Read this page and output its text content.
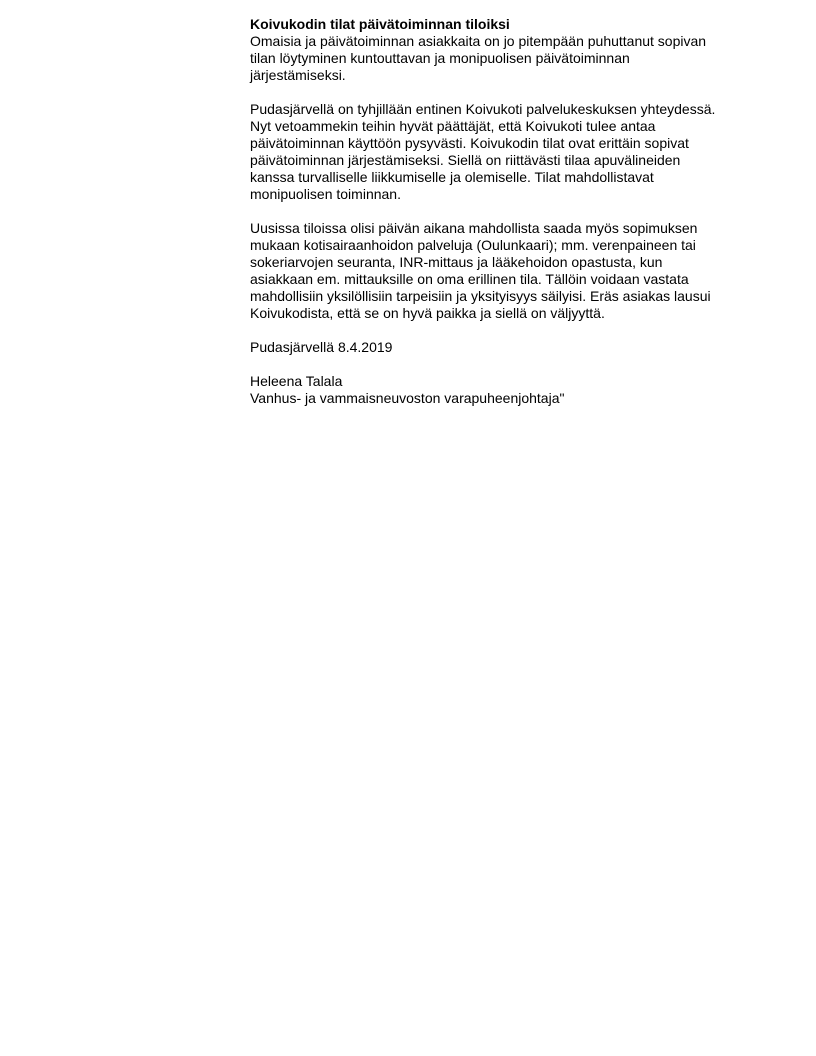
Koivukodin tilat päivätoiminnan tiloiksi

Omaisia ja päivätoiminnan asiakkaita on jo pitempään puhuttanut sopivan
tilan löytyminen kuntouttavan ja monipuolisen päivätoiminnan
järjestämiseksi.

Pudasjärvellä on tyhjillään entinen Koivukoti palvelukeskuksen yhteydessä.
Nyt vetoammekin teihin hyvät päättäjät, että Koivukoti tulee antaa
päivätoiminnan käyttöön pysyvästi. Koivukodin tilat ovat erittäin sopivat
päivätoiminnan järjestämiseksi. Siellä on riittävästi tilaa apuvälineiden
kanssa turvalliselle liikkumiselle ja olemiselle. Tilat mahdollistavat
monipuolisen toiminnan.

Uusissa tiloissa olisi päivän aikana mahdollista saada myös sopimuksen
mukaan kotisairaanhoidon palveluja (Oulunkaari); mm. verenpaineen tai
sokeriarvojen seuranta, INR-mittaus ja lääkehoidon opastusta, kun
asiakkaan em. mittauksille on oma erillinen tila. Tällöin voidaan vastata
mahdollisiin yksilöllisiin tarpeisiin ja yksityisyys säilyisi. Eräs asiakas lausui
Koivukodista, että se on hyvä paikka ja siellä on väljyyttä.

Pudasjärvellä 8.4.2019

Heleena Talala
Vanhus- ja vammaisneuvoston varapuheenjohtaja"
